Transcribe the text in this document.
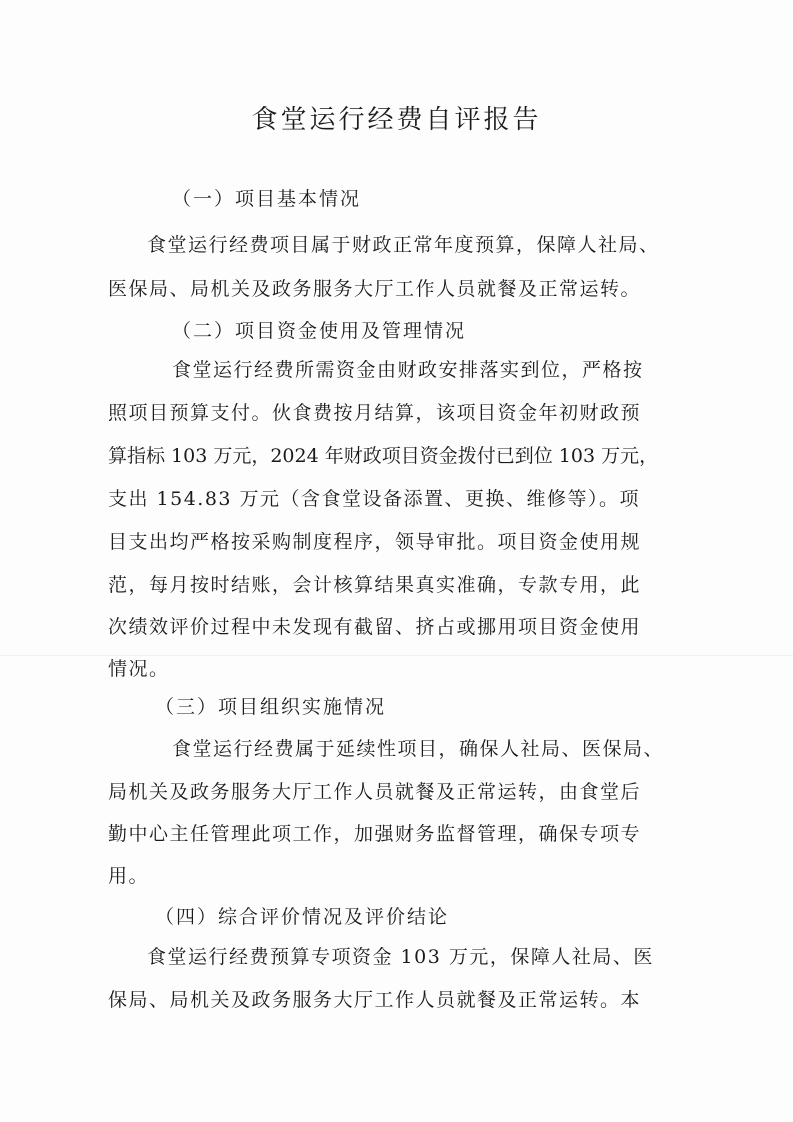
食堂运行经费自评报告
（一）项目基本情况
食堂运行经费项目属于财政正常年度预算，保障人社局、
医保局、局机关及政务服务大厅工作人员就餐及正常运转。
（二）项目资金使用及管理情况
食堂运行经费所需资金由财政安排落实到位，严格按
照项目预算支付。伙食费按月结算，该项目资金年初财政预
算指标 103 万元，2024 年财政项目资金拨付已到位 103 万元，
支出 154.83 万元（含食堂设备添置、更换、维修等）。项
目支出均严格按采购制度程序，领导审批。项目资金使用规
范，每月按时结账，会计核算结果真实准确，专款专用，此
次绩效评价过程中未发现有截留、挤占或挪用项目资金使用
情况。
（三）项目组织实施情况
食堂运行经费属于延续性项目，确保人社局、医保局、
局机关及政务服务大厅工作人员就餐及正常运转，由食堂后
勤中心主任管理此项工作，加强财务监督管理，确保专项专
用。
（四）综合评价情况及评价结论
食堂运行经费预算专项资金 103 万元，保障人社局、医
保局、局机关及政务服务大厅工作人员就餐及正常运转。本
